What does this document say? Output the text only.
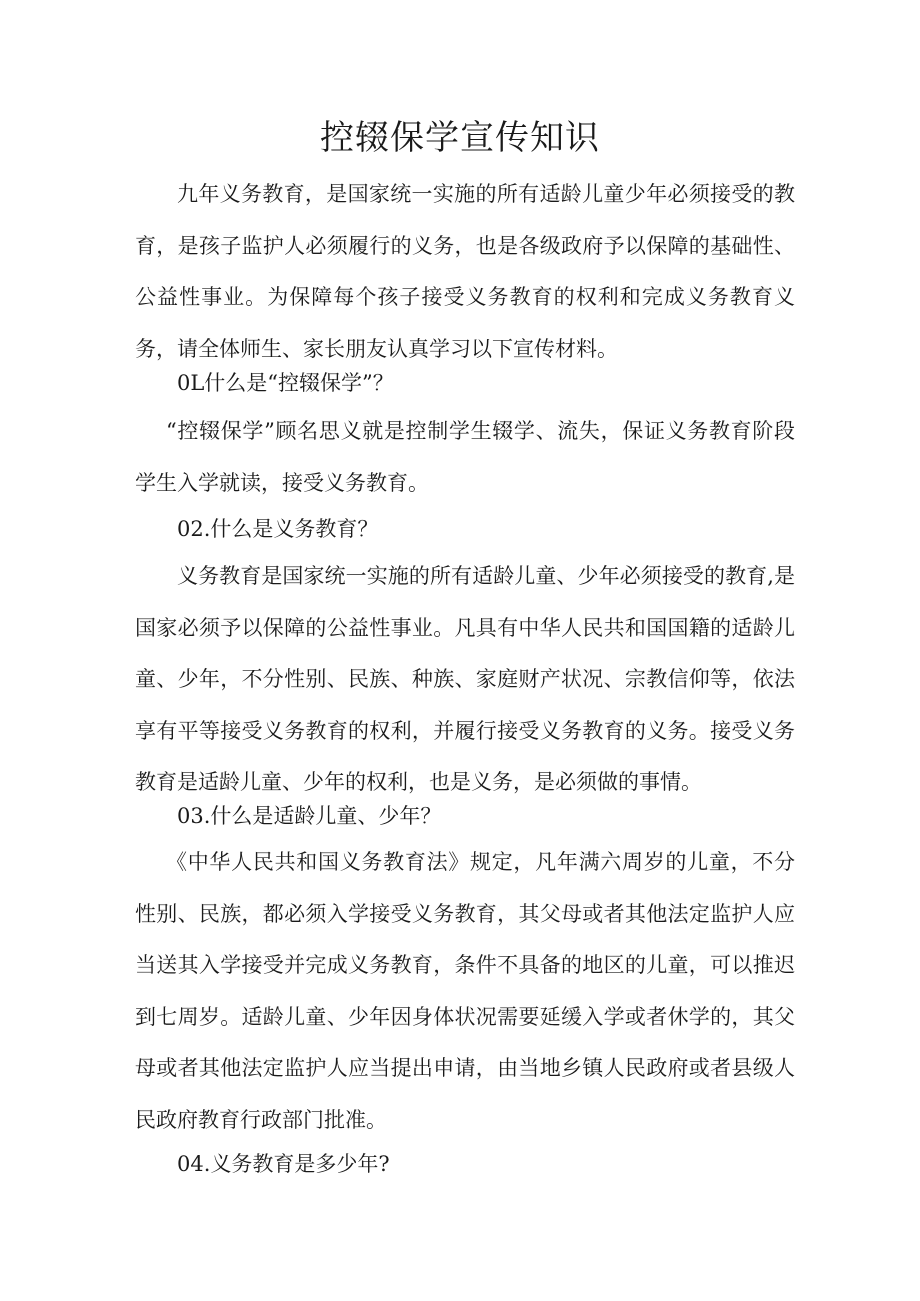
控辍保学宣传知识

九年义务教育，是国家统一实施的所有适龄儿童少年必须接受的教育，是孩子监护人必须履行的义务，也是各级政府予以保障的基础性、公益性事业。为保障每个孩子接受义务教育的权利和完成义务教育义务，请全体师生、家长朋友认真学习以下宣传材料。

0L什么是“控辍保学”？

“控辍保学”顾名思义就是控制学生辍学、流失，保证义务教育阶段学生入学就读，接受义务教育。

02.什么是义务教育？

义务教育是国家统一实施的所有适龄儿童、少年必须接受的教育,是国家必须予以保障的公益性事业。凡具有中华人民共和国国籍的适龄儿童、少年，不分性别、民族、种族、家庭财产状况、宗教信仰等，依法享有平等接受义务教育的权利，并履行接受义务教育的义务。接受义务教育是适龄儿童、少年的权利，也是义务，是必须做的事情。

03.什么是适龄儿童、少年？

《中华人民共和国义务教育法》规定，凡年满六周岁的儿童，不分性别、民族，都必须入学接受义务教育，其父母或者其他法定监护人应当送其入学接受并完成义务教育，条件不具备的地区的儿童，可以推迟到七周岁。适龄儿童、少年因身体状况需要延缓入学或者休学的，其父母或者其他法定监护人应当提出申请，由当地乡镇人民政府或者县级人民政府教育行政部门批准。

04.义务教育是多少年?
